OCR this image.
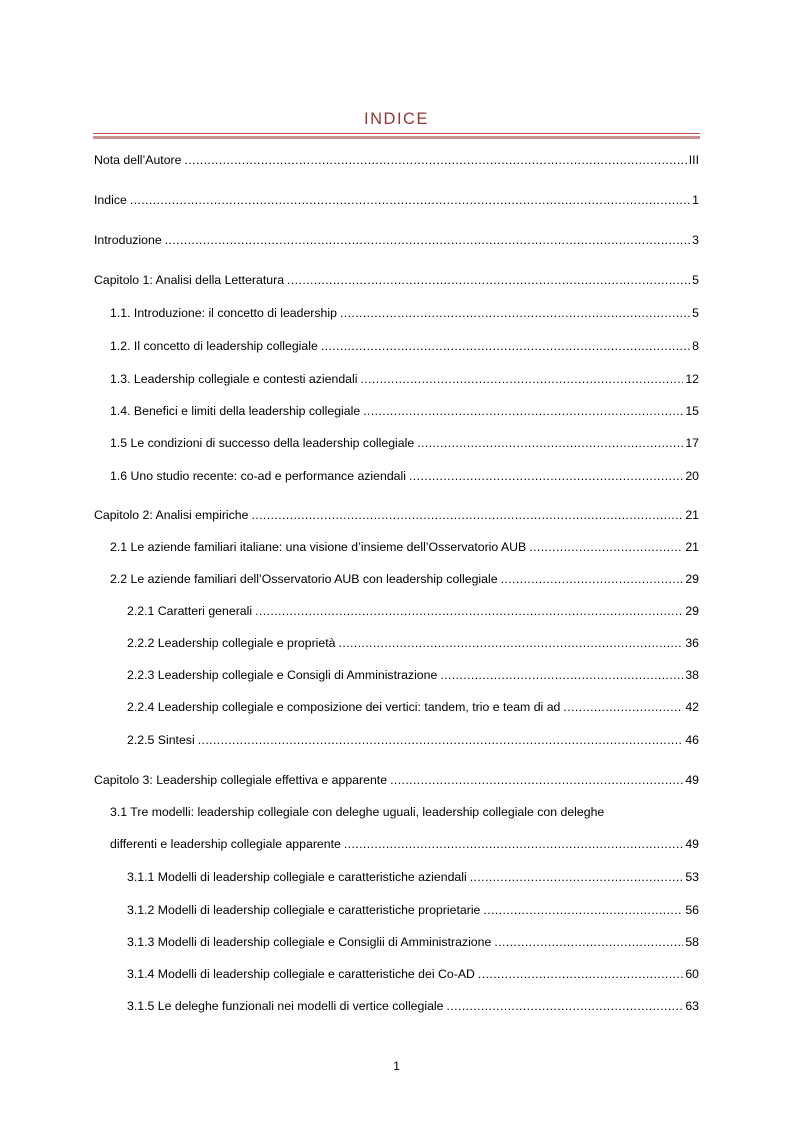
INDICE
Nota dell’Autore .....	III
Indice .....	1
Introduzione .....	3
Capitolo 1: Analisi della Letteratura .....	5
1.1. Introduzione: il concetto di leadership .....	5
1.2. Il concetto di leadership collegiale .....	8
1.3. Leadership collegiale e contesti aziendali .....	12
1.4. Benefici e limiti della leadership collegiale .....	15
1.5 Le condizioni di successo della leadership collegiale .....	17
1.6 Uno studio recente: co-ad e performance aziendali .....	20
Capitolo 2: Analisi empiriche .....	21
2.1 Le aziende familiari italiane: una visione d’insieme dell’Osservatorio AUB .....	21
2.2 Le aziende familiari dell’Osservatorio AUB con leadership collegiale .....	29
2.2.1 Caratteri generali .....	29
2.2.2 Leadership collegiale e proprietà .....	36
2.2.3 Leadership collegiale e Consigli di Amministrazione .....	38
2.2.4 Leadership collegiale e composizione dei vertici: tandem, trio e team di ad .....	42
2.2.5 Sintesi .....	46
Capitolo 3: Leadership collegiale effettiva e apparente .....	49
3.1 Tre modelli: leadership collegiale con deleghe uguali, leadership collegiale con deleghe
differenti e leadership collegiale apparente .....	49
3.1.1 Modelli di leadership collegiale e caratteristiche aziendali .....	53
3.1.2 Modelli di leadership collegiale e caratteristiche proprietarie .....	56
3.1.3 Modelli di leadership collegiale e Consiglii di Amministrazione .....	58
3.1.4 Modelli di leadership collegiale e caratteristiche dei Co-AD .....	60
3.1.5 Le deleghe funzionali nei modelli di vertice collegiale .....	63
1
